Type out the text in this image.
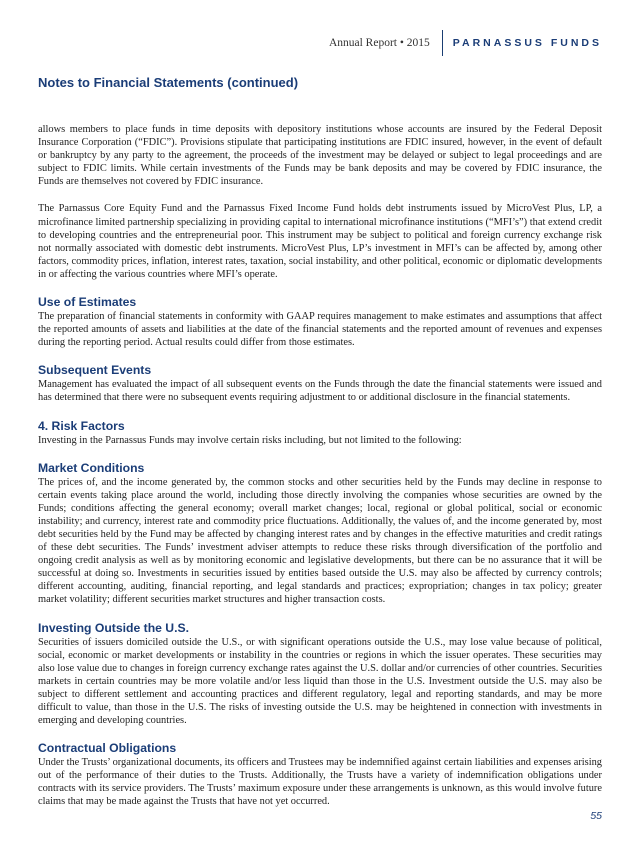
Annual Report • 2015	PARNASSUS FUNDS
Notes to Financial Statements (continued)

allows members to place funds in time deposits with depository institutions whose accounts are insured by the Federal Deposit Insurance Corporation (“FDIC”). Provisions stipulate that participating institutions are FDIC insured, however, in the event of default or bankruptcy by any party to the agreement, the proceeds of the investment may be delayed or subject to legal proceedings and are subject to FDIC limits. While certain investments of the Funds may be bank deposits and may be covered by FDIC insurance, the Funds are themselves not covered by FDIC insurance.

The Parnassus Core Equity Fund and the Parnassus Fixed Income Fund holds debt instruments issued by MicroVest Plus, LP, a microfinance limited partnership specializing in providing capital to international microfinance institutions (“MFI’s”) that extend credit to developing countries and the entrepreneurial poor. This instrument may be subject to political and foreign currency exchange risk not normally associated with domestic debt instruments. MicroVest Plus, LP’s investment in MFI’s can be affected by, among other factors, commodity prices, inflation, interest rates, taxation, social instability, and other political, economic or diplomatic developments in or affecting the various countries where MFI’s operate.

Use of Estimates

The preparation of financial statements in conformity with GAAP requires management to make estimates and assumptions that affect the reported amounts of assets and liabilities at the date of the financial statements and the reported amount of revenues and expenses during the reporting period. Actual results could differ from those estimates.

Subsequent Events

Management has evaluated the impact of all subsequent events on the Funds through the date the financial statements were issued and has determined that there were no subsequent events requiring adjustment to or additional disclosure in the financial statements.

4. Risk Factors

Investing in the Parnassus Funds may involve certain risks including, but not limited to the following:

Market Conditions

The prices of, and the income generated by, the common stocks and other securities held by the Funds may decline in response to certain events taking place around the world, including those directly involving the companies whose securities are owned by the Funds; conditions affecting the general economy; overall market changes; local, regional or global political, social or economic instability; and currency, interest rate and commodity price fluctuations. Additionally, the values of, and the income generated by, most debt securities held by the Fund may be affected by changing interest rates and by changes in the effective maturities and credit ratings of these debt securities. The Funds’ investment adviser attempts to reduce these risks through diversification of the portfolio and ongoing credit analysis as well as by monitoring economic and legislative developments, but there can be no assurance that it will be successful at doing so. Investments in securities issued by entities based outside the U.S. may also be affected by currency controls; different accounting, auditing, financial reporting, and legal standards and practices; expropriation; changes in tax policy; greater market volatility; different securities market structures and higher transaction costs.

Investing Outside the U.S.

Securities of issuers domiciled outside the U.S., or with significant operations outside the U.S., may lose value because of political, social, economic or market developments or instability in the countries or regions in which the issuer operates. These securities may also lose value due to changes in foreign currency exchange rates against the U.S. dollar and/or currencies of other countries. Securities markets in certain countries may be more volatile and/or less liquid than those in the U.S. Investment outside the U.S. may also be subject to different settlement and accounting practices and different regulatory, legal and reporting standards, and may be more difficult to value, than those in the U.S. The risks of investing outside the U.S. may be heightened in connection with investments in emerging and developing countries.

Contractual Obligations

Under the Trusts’ organizational documents, its officers and Trustees may be indemnified against certain liabilities and expenses arising out of the performance of their duties to the Trusts. Additionally, the Trusts have a variety of indemnification obligations under contracts with its service providers. The Trusts’ maximum exposure under these arrangements is unknown, as this would involve future claims that may be made against the Trusts that have not yet occurred.

55
